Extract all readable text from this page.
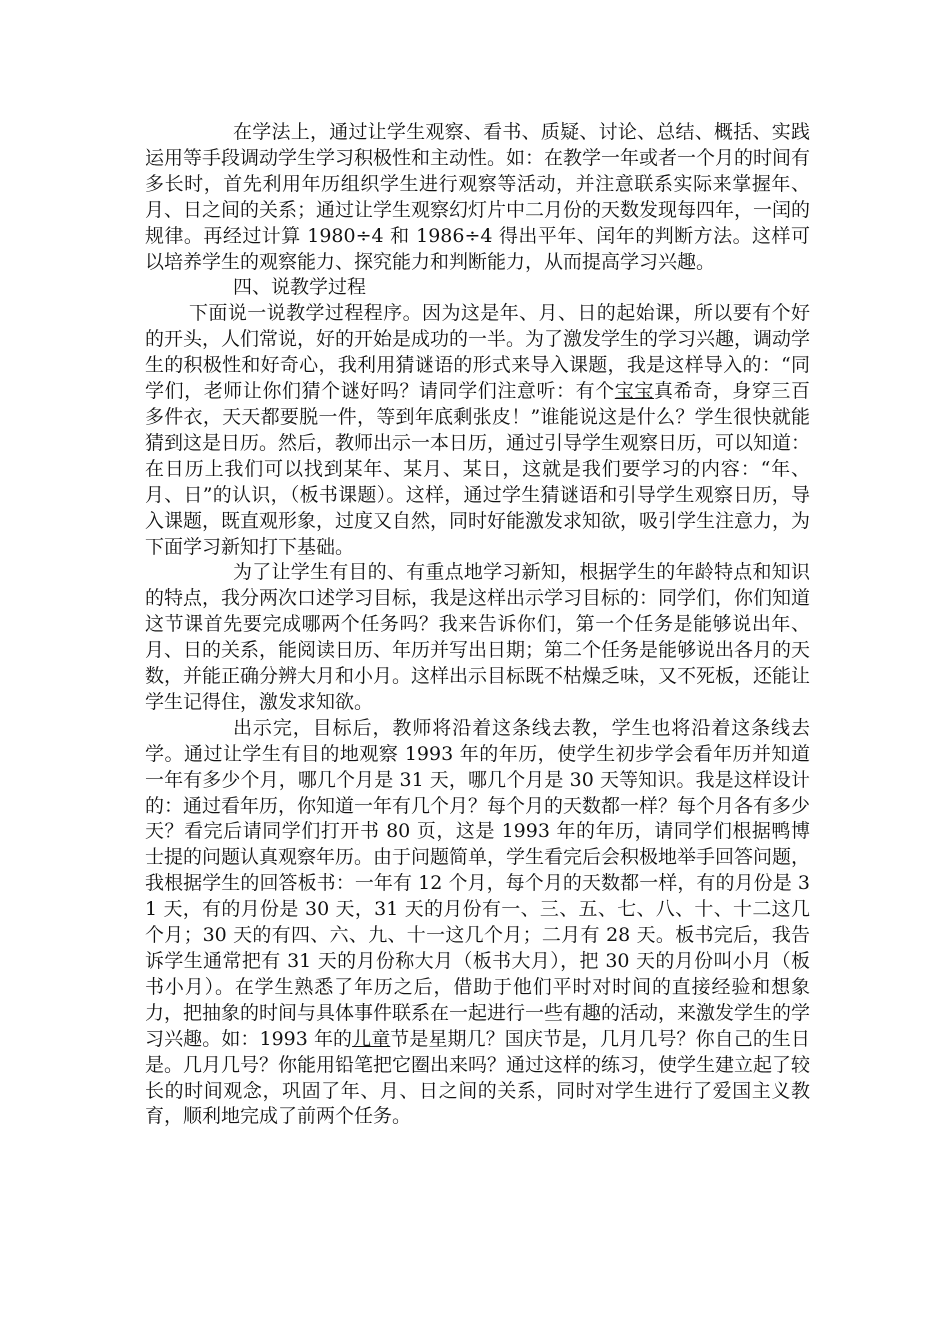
在学法上，通过让学生观察、看书、质疑、讨论、总结、概括、实践运用等手段调动学生学习积极性和主动性。如：在教学一年或者一个月的时间有多长时，首先利用年历组织学生进行观察等活动，并注意联系实际来掌握年、月、日之间的关系；通过让学生观察幻灯片中二月份的天数发现每四年，一闰的规律。再经过计算 1980÷4 和 1986÷4 得出平年、闰年的判断方法。这样可以培养学生的观察能力、探究能力和判断能力，从而提高学习兴趣。

四、说教学过程

下面说一说教学过程程序。因为这是年、月、日的起始课，所以要有个好的开头，人们常说，好的开始是成功的一半。为了激发学生的学习兴趣，调动学生的积极性和好奇心，我利用猜谜语的形式来导入课题，我是这样导入的：“同学们，老师让你们猜个谜好吗？请同学们注意听：有个宝宝真希奇，身穿三百多件衣，天天都要脱一件，等到年底剩张皮！”谁能说这是什么？学生很快就能猜到这是日历。然后，教师出示一本日历，通过引导学生观察日历，可以知道：在日历上我们可以找到某年、某月、某日，这就是我们要学习的内容：“年、月、日”的认识，（板书课题）。这样，通过学生猜谜语和引导学生观察日历，导入课题，既直观形象，过度又自然，同时好能激发求知欲，吸引学生注意力，为下面学习新知打下基础。

为了让学生有目的、有重点地学习新知，根据学生的年龄特点和知识的特点，我分两次口述学习目标，我是这样出示学习目标的：同学们，你们知道这节课首先要完成哪两个任务吗？我来告诉你们，第一个任务是能够说出年、月、日的关系，能阅读日历、年历并写出日期；第二个任务是能够说出各月的天数，并能正确分辨大月和小月。这样出示目标既不枯燥乏味，又不死板，还能让学生记得住，激发求知欲。

出示完，目标后，教师将沿着这条线去教，学生也将沿着这条线去学。通过让学生有目的地观察 1993 年的年历，使学生初步学会看年历并知道一年有多少个月，哪几个月是 31 天，哪几个月是 30 天等知识。我是这样设计的：通过看年历，你知道一年有几个月？每个月的天数都一样？每个月各有多少天？看完后请同学们打开书 80 页，这是 1993 年的年历，请同学们根据鸭博士提的问题认真观察年历。由于问题简单，学生看完后会积极地举手回答问题，我根据学生的回答板书：一年有 12 个月，每个月的天数都一样，有的月份是 31 天，有的月份是 30 天，31 天的月份有一、三、五、七、八、十、十二这几个月；30 天的有四、六、九、十一这几个月；二月有 28 天。板书完后，我告诉学生通常把有 31 天的月份称大月（板书大月），把 30 天的月份叫小月（板书小月）。在学生熟悉了年历之后，借助于他们平时对时间的直接经验和想象力，把抽象的时间与具体事件联系在一起进行一些有趣的活动，来激发学生的学习兴趣。如：1993 年的儿童节是星期几？国庆节是，几月几号？你自己的生日是。几月几号？你能用铅笔把它圈出来吗？通过这样的练习，使学生建立起了较长的时间观念，巩固了年、月、日之间的关系，同时对学生进行了爱国主义教育，顺利地完成了前两个任务。
